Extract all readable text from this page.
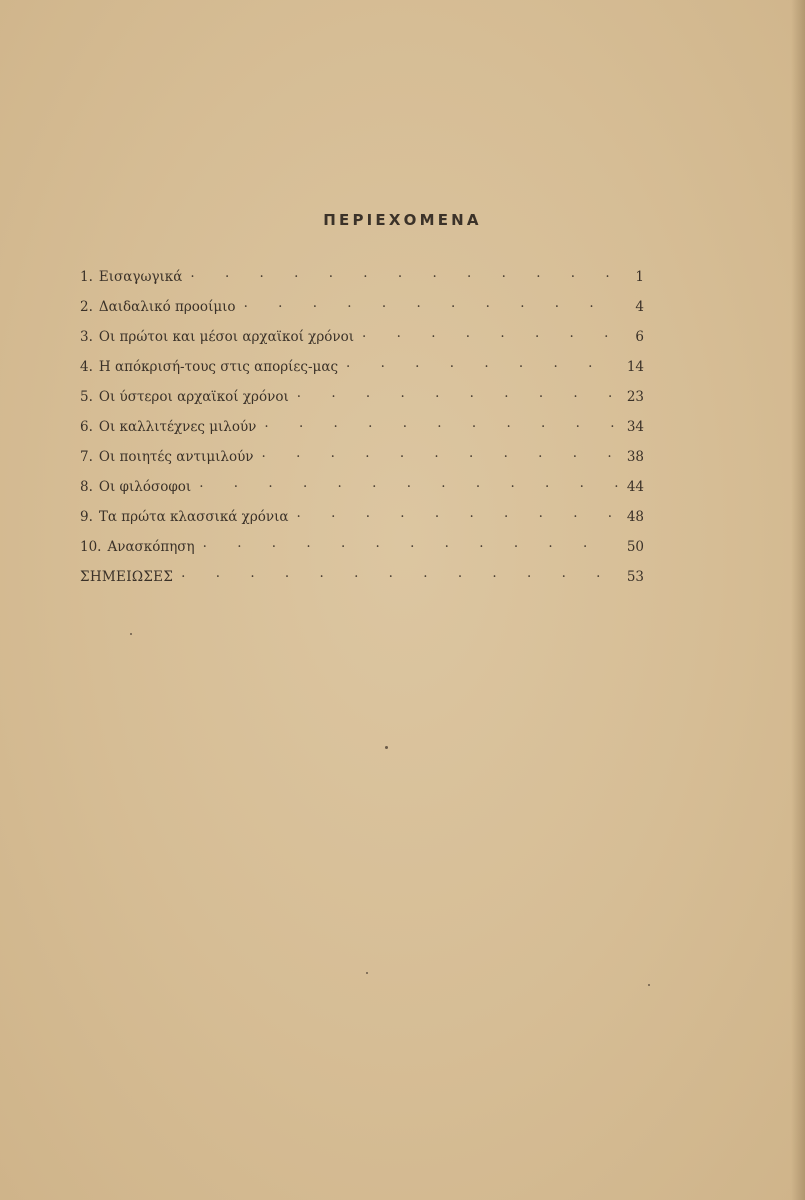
ΠΕΡΙΕΧΟΜΕΝΑ
1. Εισαγωγικά · · ·	1
2. Δαιδαλικό προοίμιο · · ·	4
3. Οι πρώτοι και μέσοι αρχαϊκοί χρόνοι · · ·	6
4. Η απόκρισή-τους στις απορίες-μας · · ·	14
5. Οι ύστεροι αρχαϊκοί χρόνοι · · ·	23
6. Οι καλλιτέχνες μιλούν · · ·	34
7. Οι ποιητές αντιμιλούν · · ·	38
8. Οι φιλόσοφοι · · ·	44
9. Τα πρώτα κλασσικά χρόνια · · ·	48
10. Ανασκόπηση · · ·	50
ΣΗΜΕΙΩΣΕΣ · · ·	53
